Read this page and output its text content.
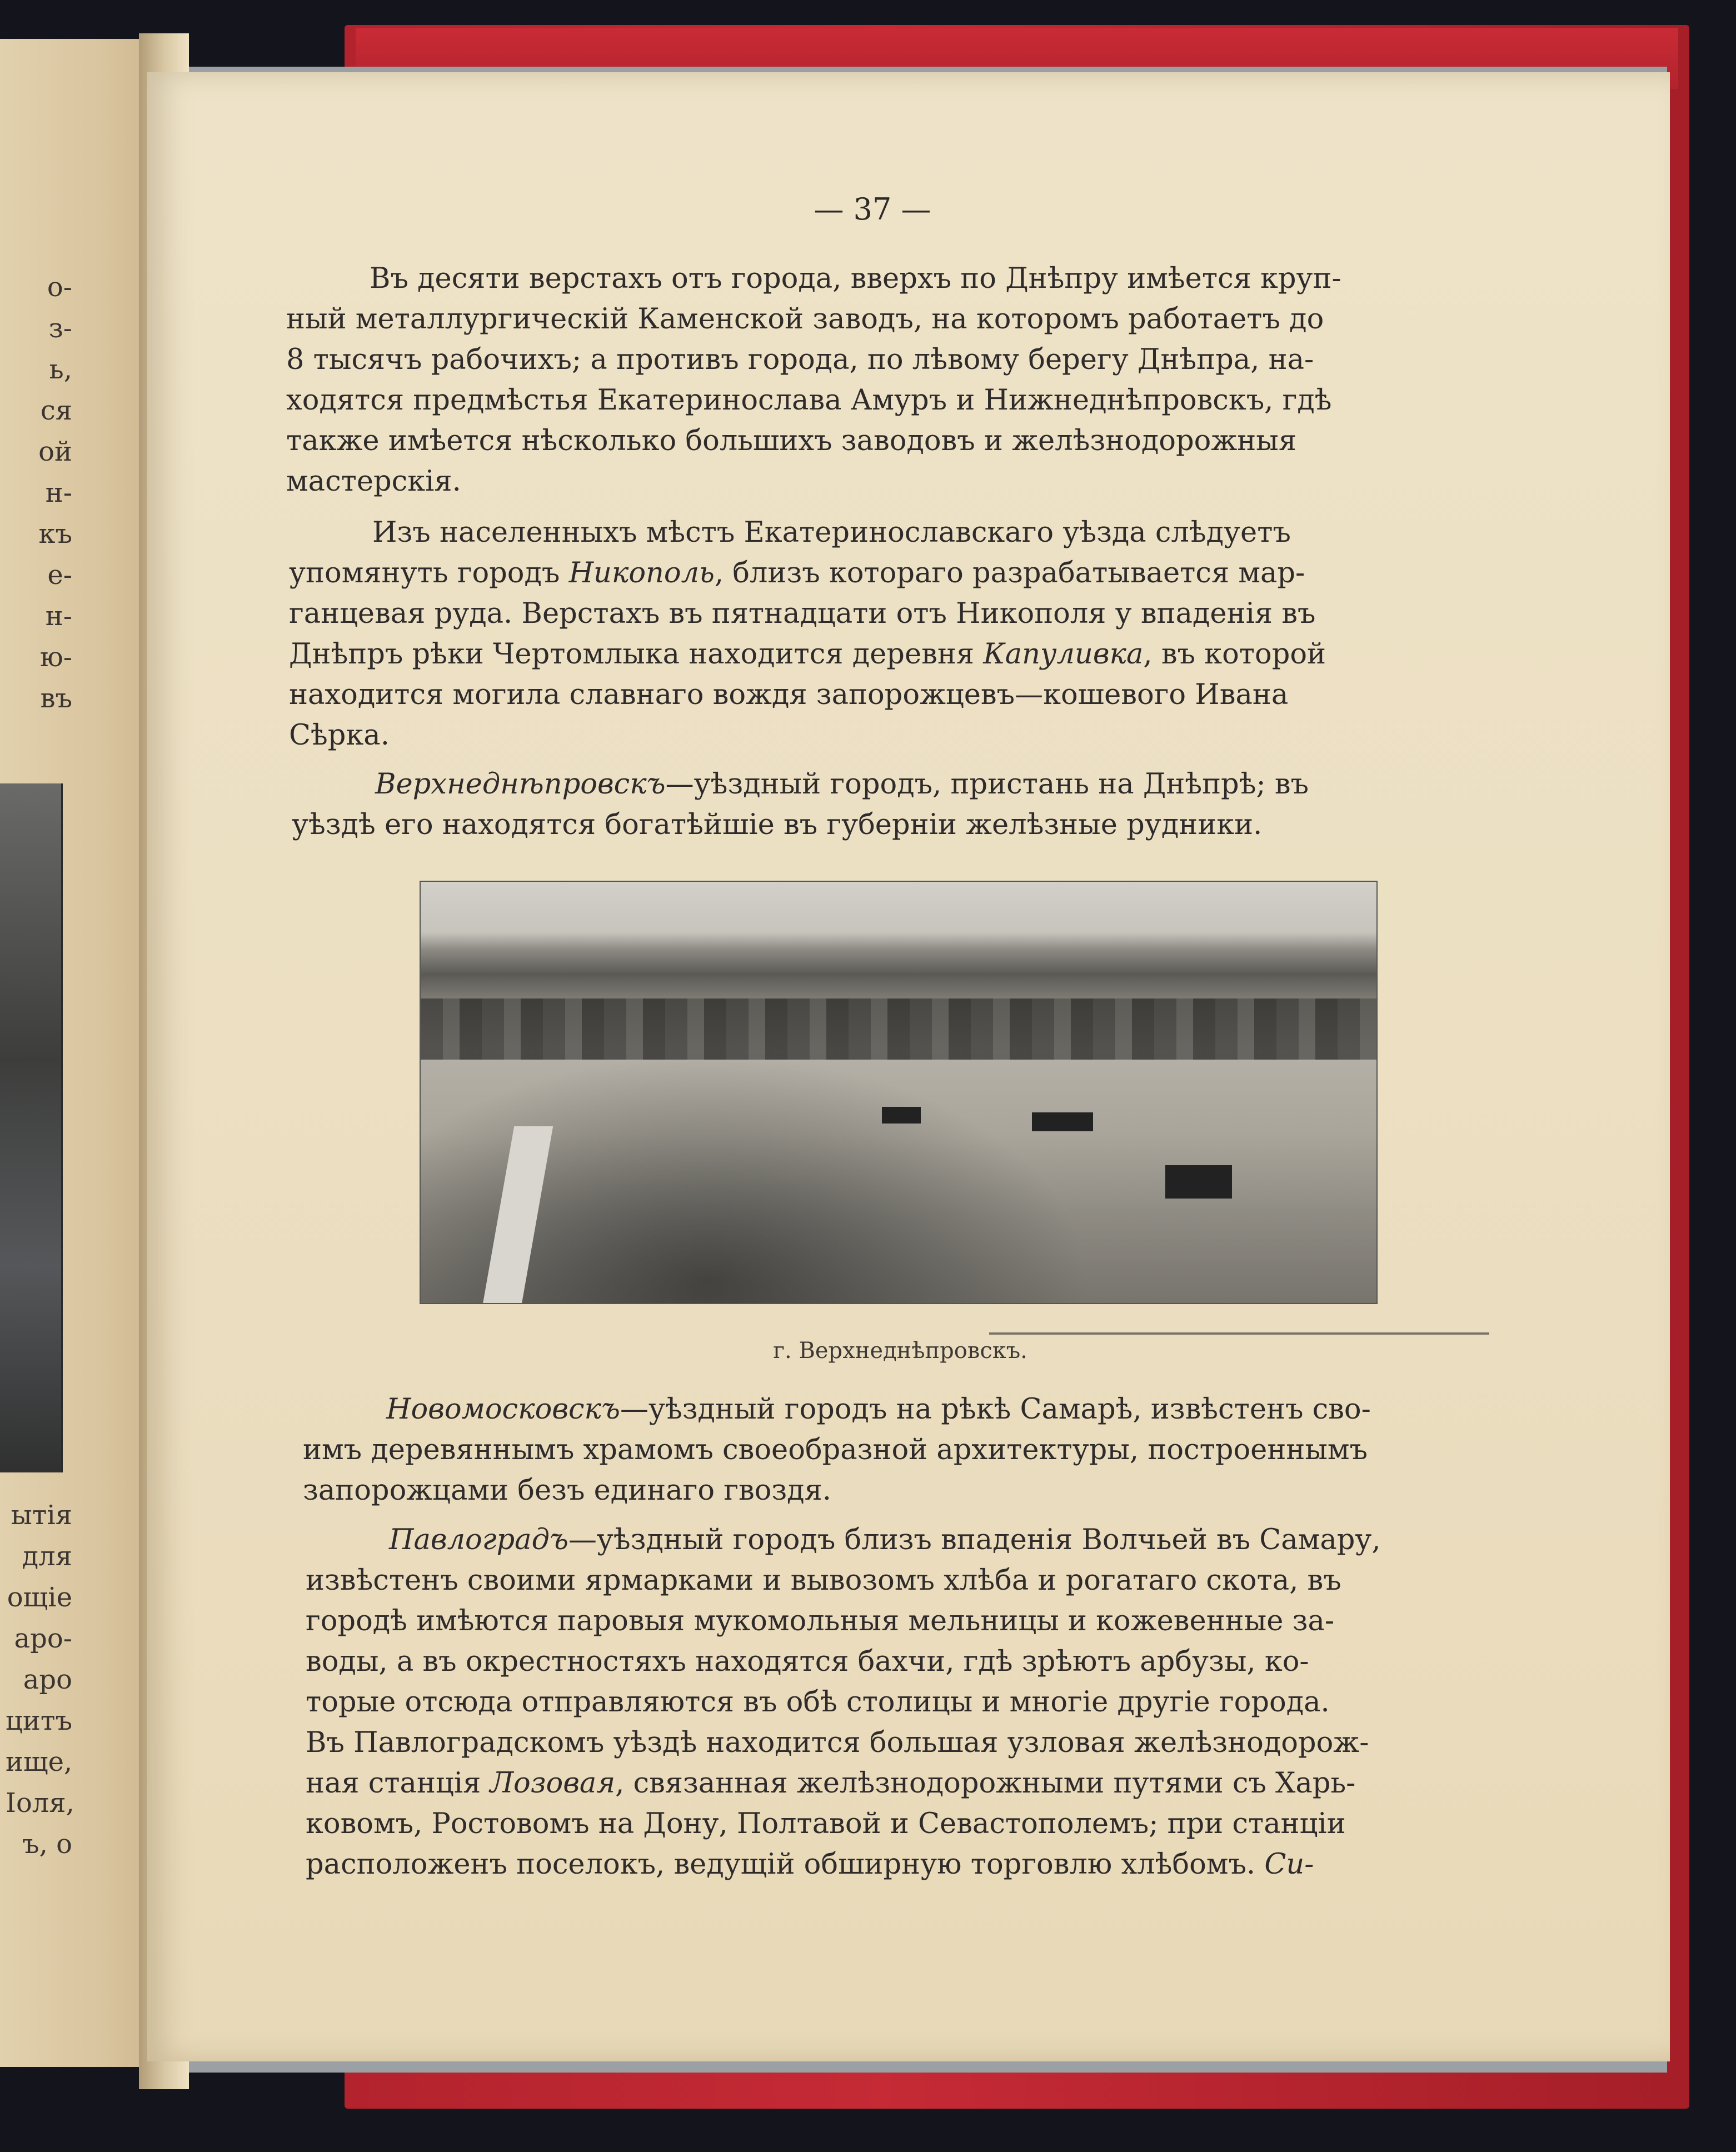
о-
з-
ь,
ся
ой
н-
къ
е-
н-
ю-
въ
ытія
для
ощіе
аро-
аро
цитъ
ище,
Іоля,
ъ, о
— 37 —

Въ десяти верстахъ отъ города, вверхъ по Днѣпру имѣется круп-
ный металлургическій Каменской заводъ, на которомъ работаетъ до
8 тысячъ рабочихъ; а противъ города, по лѣвому берегу Днѣпра, на-
ходятся предмѣстья Екатеринослава Амуръ и Нижнеднѣпровскъ, гдѣ
также имѣется нѣсколько большихъ заводовъ и желѣзнодорожныя
мастерскія.

Изъ населенныхъ мѣстъ Екатеринославскаго уѣзда слѣдуетъ
упомянуть городъ Никополь, близъ котораго разрабатывается мар-
ганцевая руда. Верстахъ въ пятнадцати отъ Никополя у впаденія въ
Днѣпръ рѣки Чертомлыка находится деревня Капуливка, въ которой
находится могила славнаго вождя запорожцевъ—кошевого Ивана
Сѣрка.

Верхнеднѣпровскъ—уѣздный городъ, пристань на Днѣпрѣ; въ
уѣздѣ его находятся богатѣйшіе въ губерніи желѣзные рудники.

г. Верхнеднѣпровскъ.

Новомосковскъ—уѣздный городъ на рѣкѣ Самарѣ, извѣстенъ сво-
имъ деревяннымъ храмомъ своеобразной архитектуры, построеннымъ
запорожцами безъ единаго гвоздя.

Павлоградъ—уѣздный городъ близъ впаденія Волчьей въ Самару,
извѣстенъ своими ярмарками и вывозомъ хлѣба и рогатаго скота, въ
городѣ имѣются паровыя мукомольныя мельницы и кожевенные за-
воды, а въ окрестностяхъ находятся бахчи, гдѣ зрѣютъ арбузы, ко-
торые отсюда отправляются въ обѣ столицы и многіе другіе города.
Въ Павлоградскомъ уѣздѣ находится большая узловая желѣзнодорож-
ная станція Лозовая, связанная желѣзнодорожными путями съ Харь-
ковомъ, Ростовомъ на Дону, Полтавой и Севастополемъ; при станціи
расположенъ поселокъ, ведущій обширную торговлю хлѣбомъ. Си-
